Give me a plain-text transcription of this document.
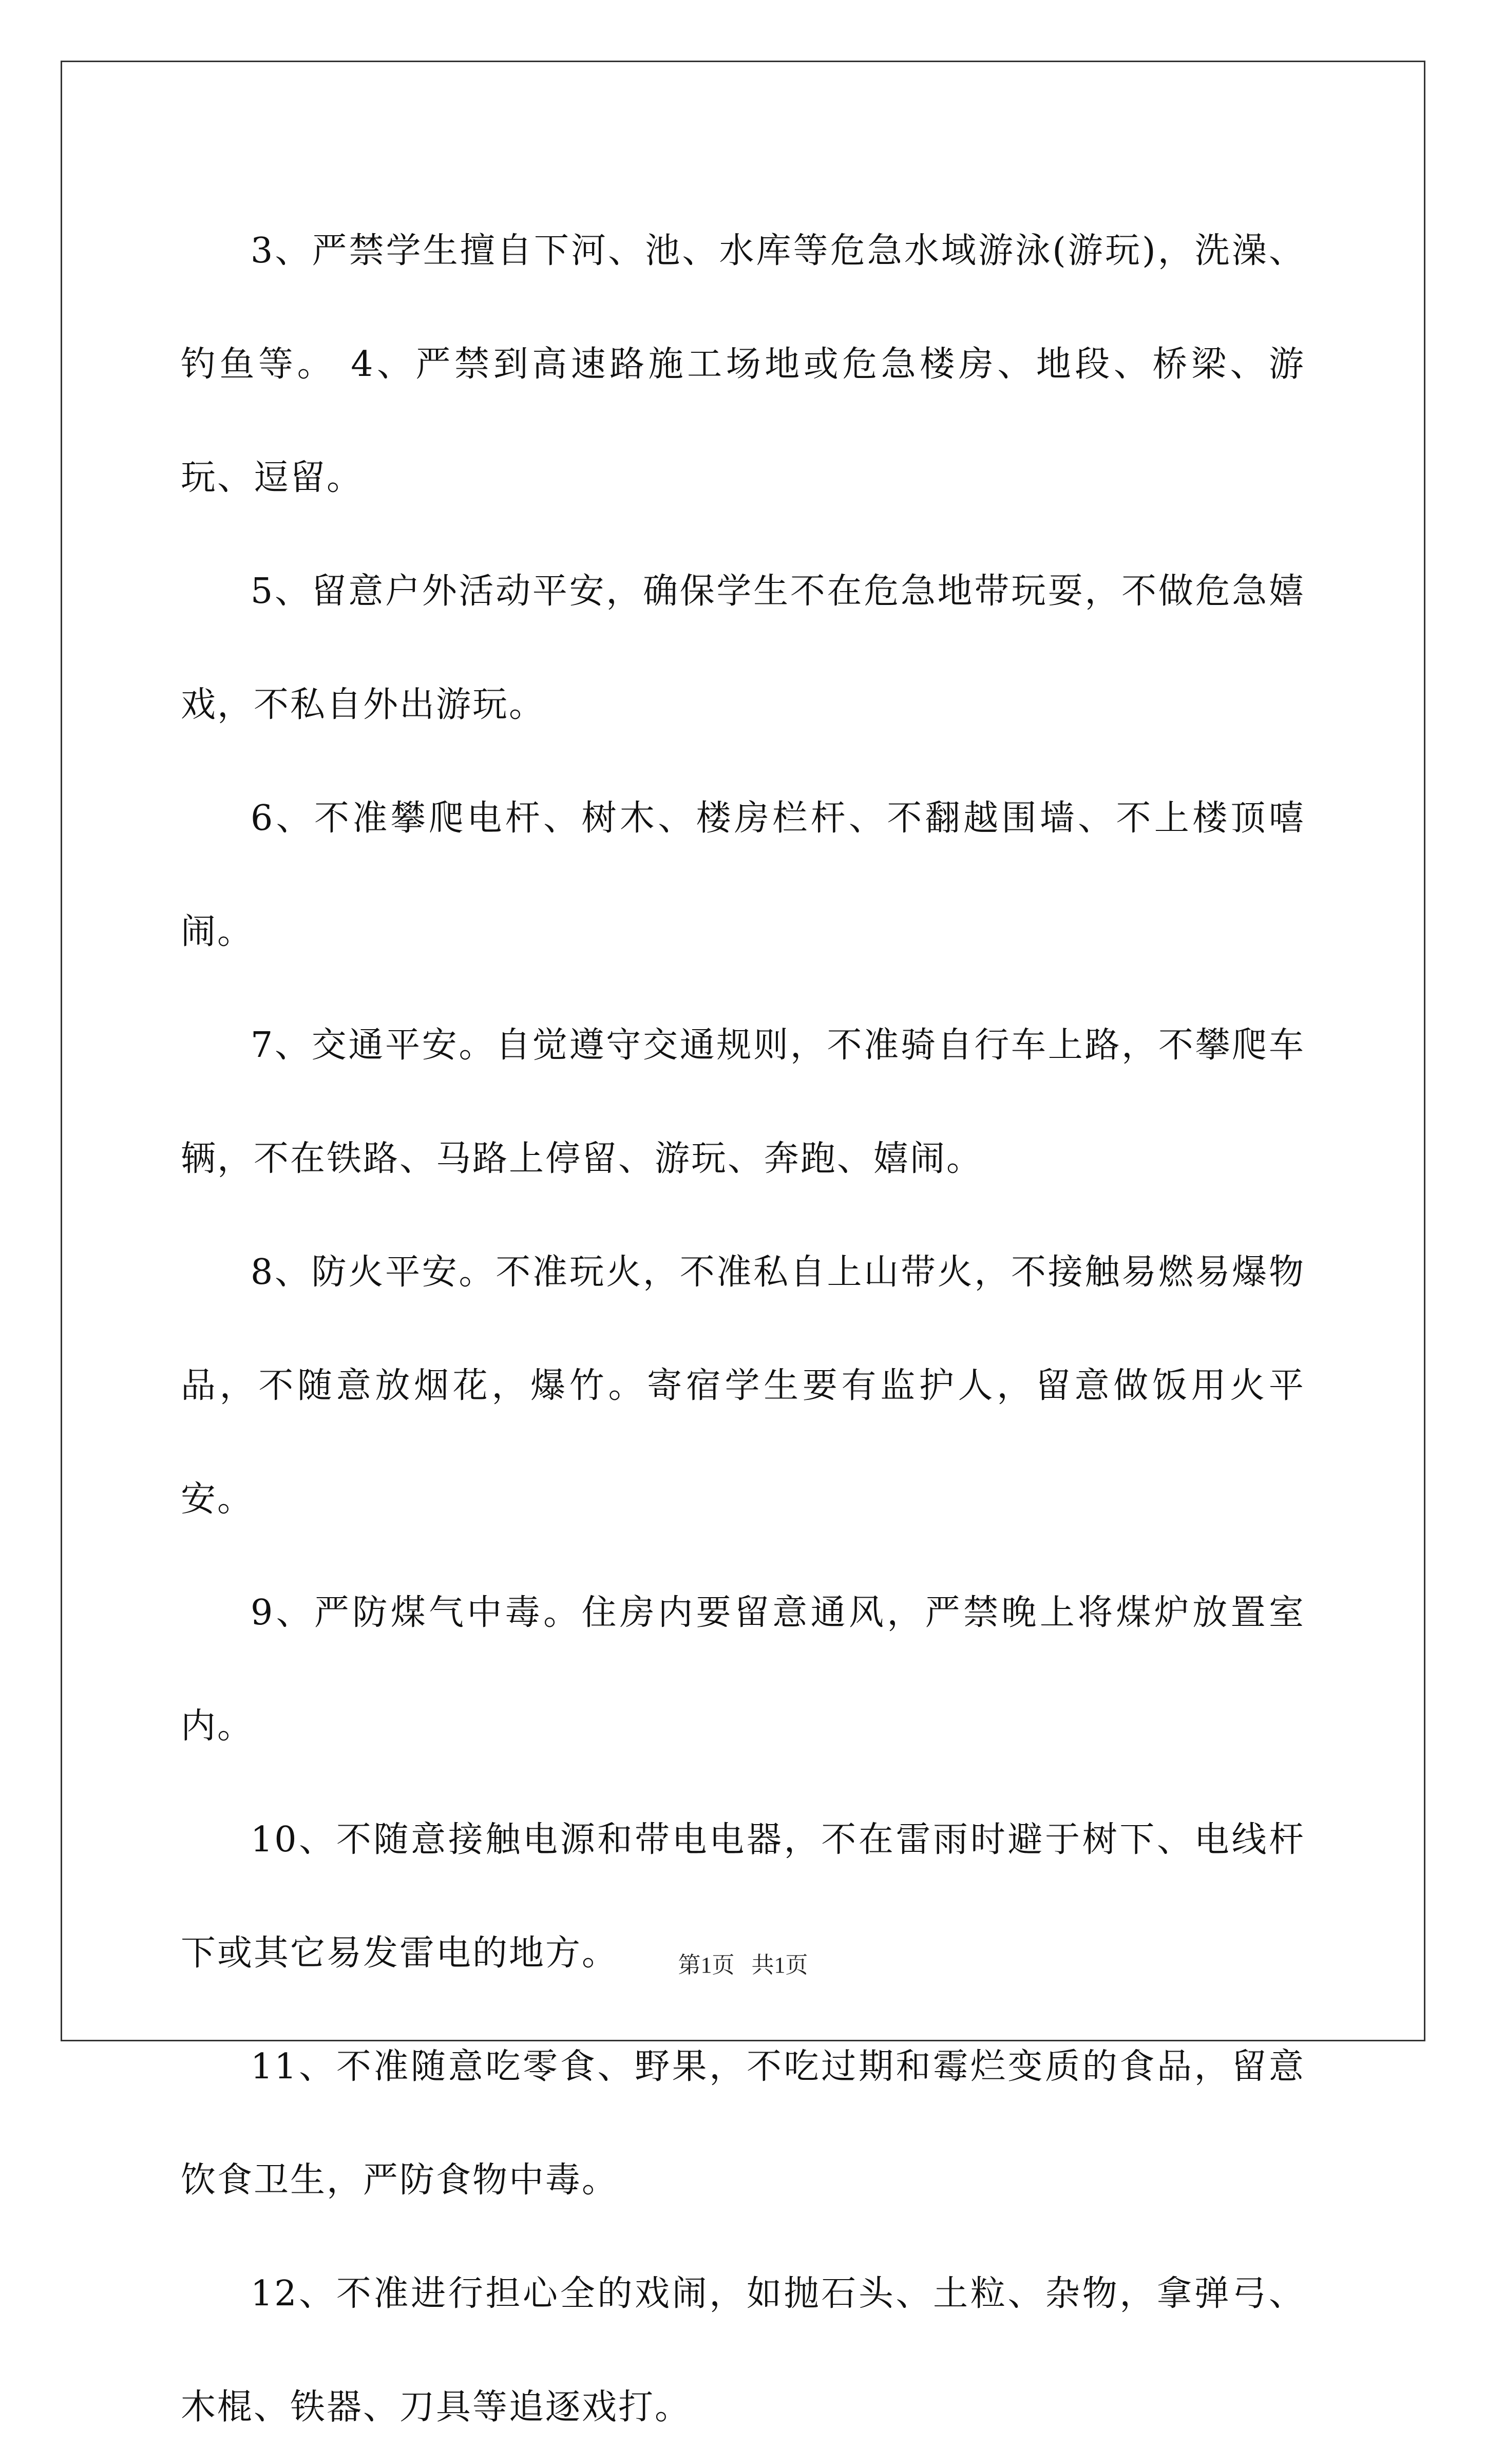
3、严禁学生擅自下河、池、水库等危急水域游泳(游玩)，洗澡、钓鱼等。 4、严禁到高速路施工场地或危急楼房、地段、桥梁、游玩、逗留。

5、留意户外活动平安，确保学生不在危急地带玩耍，不做危急嬉戏，不私自外出游玩。

6、不准攀爬电杆、树木、楼房栏杆、不翻越围墙、不上楼顶嘻闹。

7、交通平安。自觉遵守交通规则，不准骑自行车上路，不攀爬车辆，不在铁路、马路上停留、游玩、奔跑、嬉闹。

8、防火平安。不准玩火，不准私自上山带火，不接触易燃易爆物品，不随意放烟花，爆竹。寄宿学生要有监护人，留意做饭用火平安。

9、严防煤气中毒。住房内要留意通风，严禁晚上将煤炉放置室内。

10、不随意接触电源和带电电器，不在雷雨时避于树下、电线杆下或其它易发雷电的地方。

11、不准随意吃零食、野果，不吃过期和霉烂变质的食品，留意饮食卫生，严防食物中毒。

12、不准进行担心全的戏闹，如抛石头、土粒、杂物，拿弹弓、木棍、铁器、刀具等追逐戏打。

第1页   共1页
